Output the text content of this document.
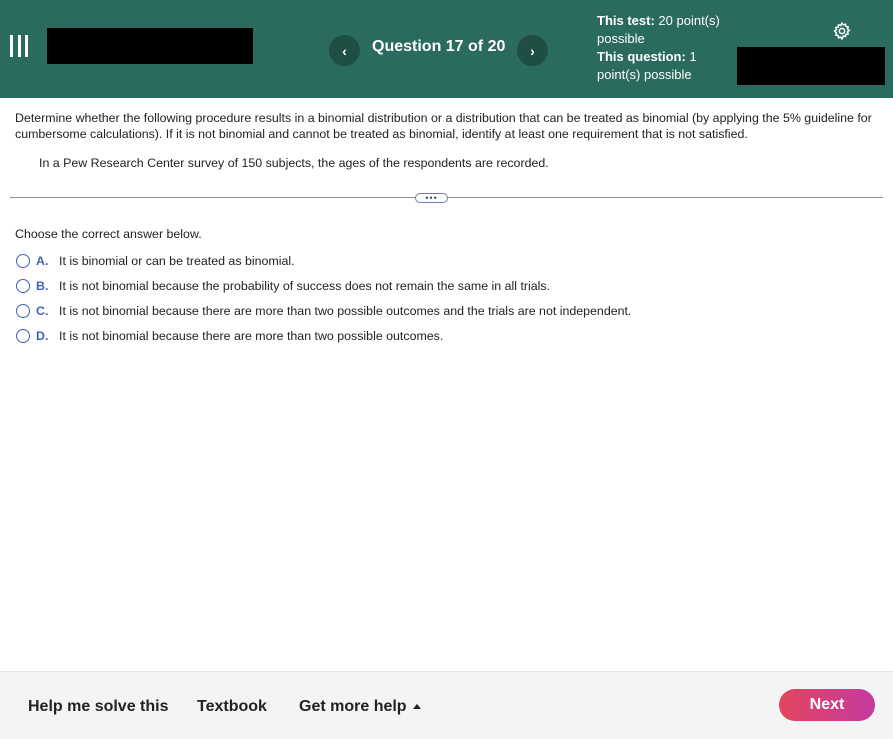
‹	Question 17 of 20	›
This test: 20 point(s) possible
This question: 1 point(s) possible

Determine whether the following procedure results in a binomial distribution or a distribution that can be treated as binomial (by applying the 5% guideline for cumbersome calculations). If it is not binomial and cannot be treated as binomial, identify at least one requirement that is not satisfied.

In a Pew Research Center survey of 150 subjects, the ages of the respondents are recorded.

•••
Choose the correct answer below.
A. It is binomial or can be treated as binomial.
B. It is not binomial because the probability of success does not remain the same in all trials.
C. It is not binomial because there are more than two possible outcomes and the trials are not independent.
D. It is not binomial because there are more than two possible outcomes.
Help me solve this Textbook Get more help	Next
